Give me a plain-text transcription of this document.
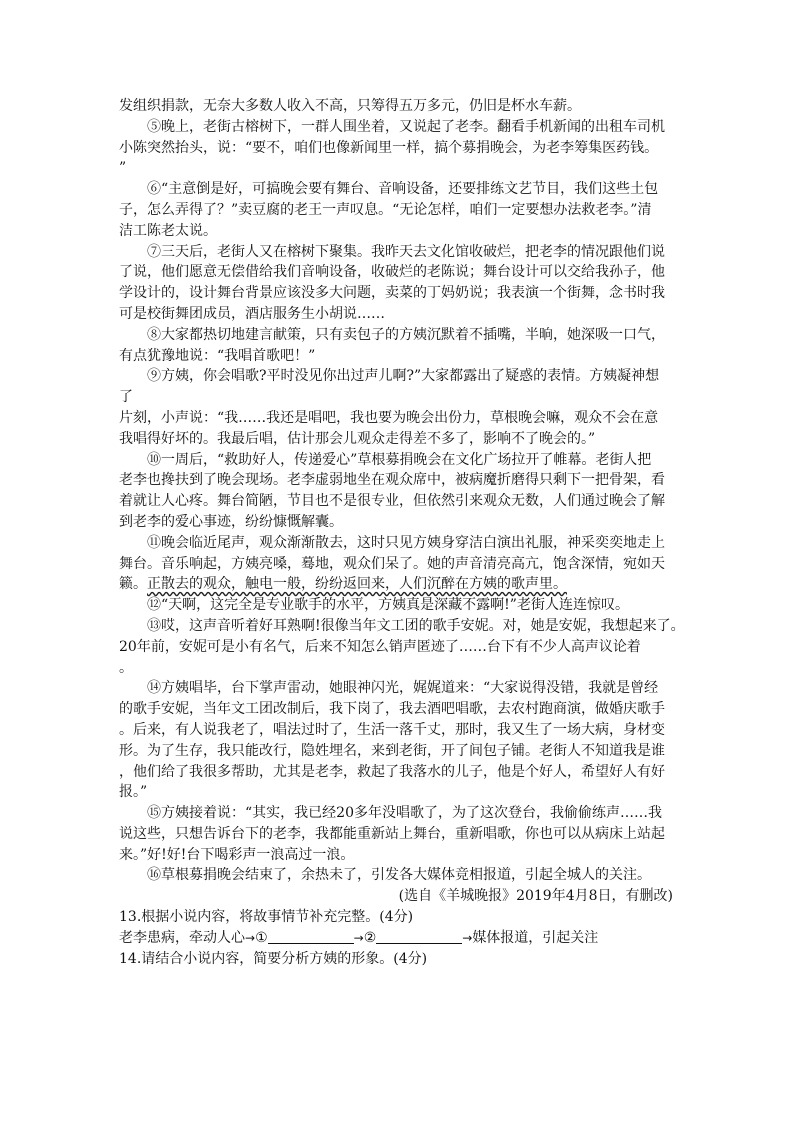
发组织捐款，无奈大多数人收入不高，只筹得五万多元，仍旧是杯水车薪。
⑤晚上，老街古榕树下，一群人围坐着，又说起了老李。翻看手机新闻的出租车司机
小陈突然抬头，说：“要不，咱们也像新闻里一样，搞个募捐晚会，为老李筹集医药钱。
”
⑥“主意倒是好，可搞晚会要有舞台、音响设备，还要排练文艺节目，我们这些土包
子，怎么弄得了？”卖豆腐的老王一声叹息。“无论怎样，咱们一定要想办法救老李。”清
洁工陈老太说。
⑦三天后，老街人又在榕树下聚集。我昨天去文化馆收破烂，把老李的情况跟他们说
了说，他们愿意无偿借给我们音响设备，收破烂的老陈说；舞台设计可以交给我孙子，他
学设计的，设计舞台背景应该没多大问题，卖菜的丁妈奶说；我表演一个街舞，念书时我
可是校街舞团成员，酒店服务生小胡说……
⑧大家都热切地建言献策，只有卖包子的方姨沉默着不插嘴，半晌，她深吸一口气，
有点犹豫地说：“我唱首歌吧！”
⑨方姨，你会唱歌?平时没见你出过声儿啊?”大家都露出了疑惑的表情。方姨凝神想
了
片刻，小声说：“我……我还是唱吧，我也要为晚会出份力，草根晚会嘛，观众不会在意
我唱得好坏的。我最后唱，估计那会儿观众走得差不多了，影响不了晚会的。”
⑩一周后，“救助好人，传递爱心”草根募捐晚会在文化广场拉开了帷幕。老街人把
老李也搀扶到了晚会现场。老李虚弱地坐在观众席中，被病魔折磨得只剩下一把骨架，看
着就让人心疼。舞台简陋，节目也不是很专业，但依然引来观众无数，人们通过晚会了解
到老李的爱心事迹，纷纷慷慨解囊。
⑪晚会临近尾声，观众渐渐散去，这时只见方姨身穿洁白演出礼服，神采奕奕地走上
舞台。音乐响起，方姨亮嗓，蓦地，观众们呆了。她的声音清亮高亢，饱含深情，宛如天
籁。正散去的观众，触电一般，纷纷返回来，人们沉醉在方姨的歌声里。
⑫“天啊，这完全是专业歌手的水平，方姨真是深藏不露啊!”老街人连连惊叹。
⑬哎，这声音听着好耳熟啊!很像当年文工团的歌手安妮。对，她是安妮，我想起来了。
20年前，安妮可是小有名气，后来不知怎么销声匿迹了……台下有不少人高声议论着
。
⑭方姨唱毕，台下掌声雷动，她眼神闪光，娓娓道来：“大家说得没错，我就是曾经
的歌手安妮，当年文工团改制后，我下岗了，我去酒吧唱歌，去农村跑商演，做婚庆歌手
。后来，有人说我老了，唱法过时了，生活一落千丈，那时，我又生了一场大病，身材变
形。为了生存，我只能改行，隐姓埋名，来到老街，开了间包子铺。老街人不知道我是谁
，他们给了我很多帮助，尤其是老李，救起了我落水的儿子，他是个好人，希望好人有好
报。”
⑮方姨接着说：“其实，我已经20多年没唱歌了，为了这次登台，我偷偷练声……我
说这些，只想告诉台下的老李，我都能重新站上舞台，重新唱歌，你也可以从病床上站起
来。”好!好!台下喝彩声一浪高过一浪。
⑯草根募捐晚会结束了，余热未了，引发各大媒体竞相报道，引起全城人的关注。
(选自《羊城晚报》2019年4月8日，有删改)
13.根据小说内容，将故事情节补充完整。(4分)
老李患病，牵动人心→①	→②	→媒体报道，引起关注
14.请结合小说内容，简要分析方姨的形象。(4分)
